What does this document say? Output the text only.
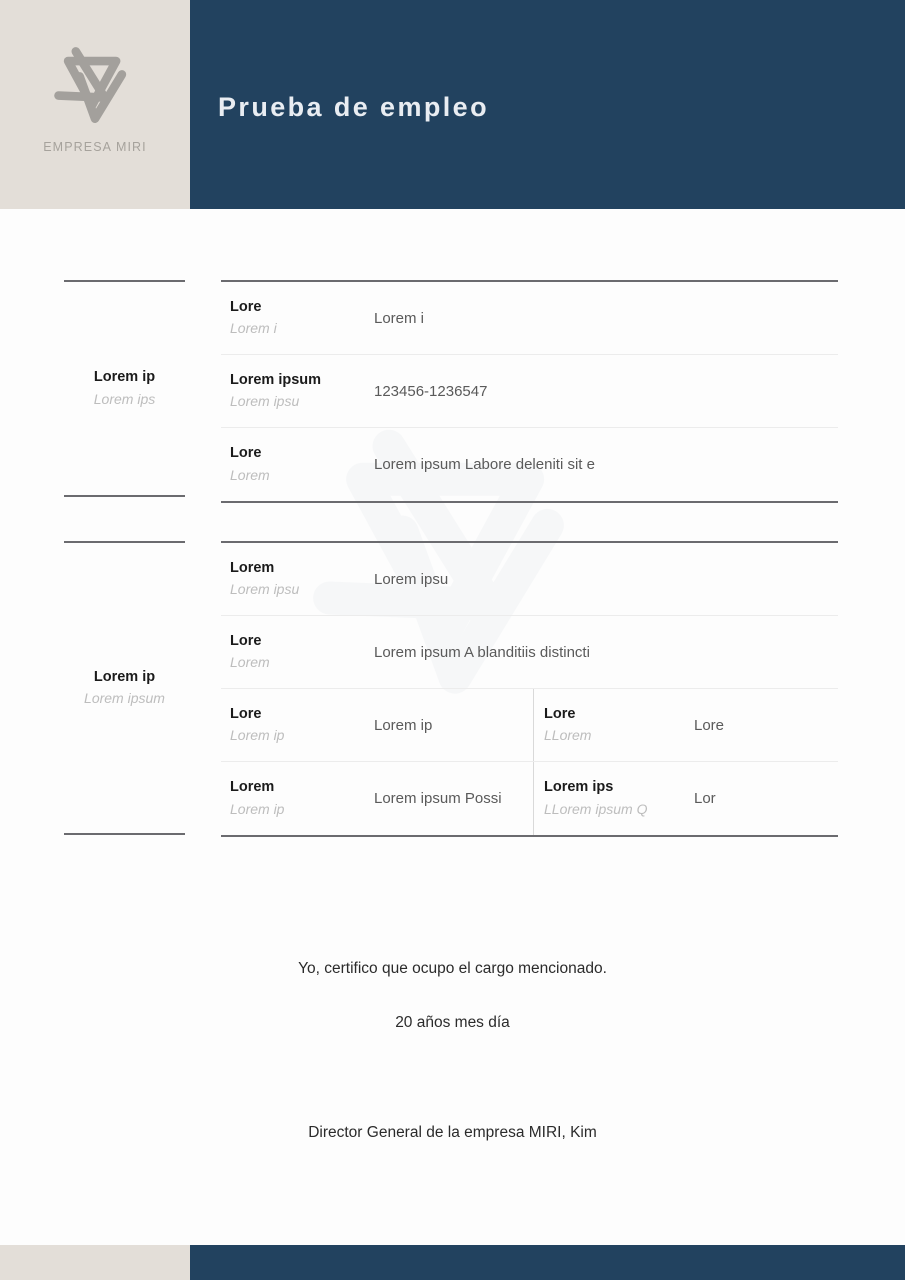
EMPRESA MIRI
Prueba de empleo
Lorem ip
Lorem ips
Lore
Lorem i
Lorem i
Lorem ipsum
Lorem ipsu
123456-1236547
Lore
Lorem
Lorem ipsum Labore deleniti sit e
Lorem ip
Lorem ipsum
Lorem
Lorem ipsu
Lorem ipsu
Lore
Lorem
Lorem ipsum A blanditiis distincti
Lore
Lorem ip
Lorem ip
Lore
LLorem
Lore
Lorem
Lorem ip
Lorem ipsum Possi
Lorem ips
LLorem ipsum Q
Lor
Yo, certifico que ocupo el cargo mencionado.
20 años mes día
Director General de la empresa MIRI, Kim
